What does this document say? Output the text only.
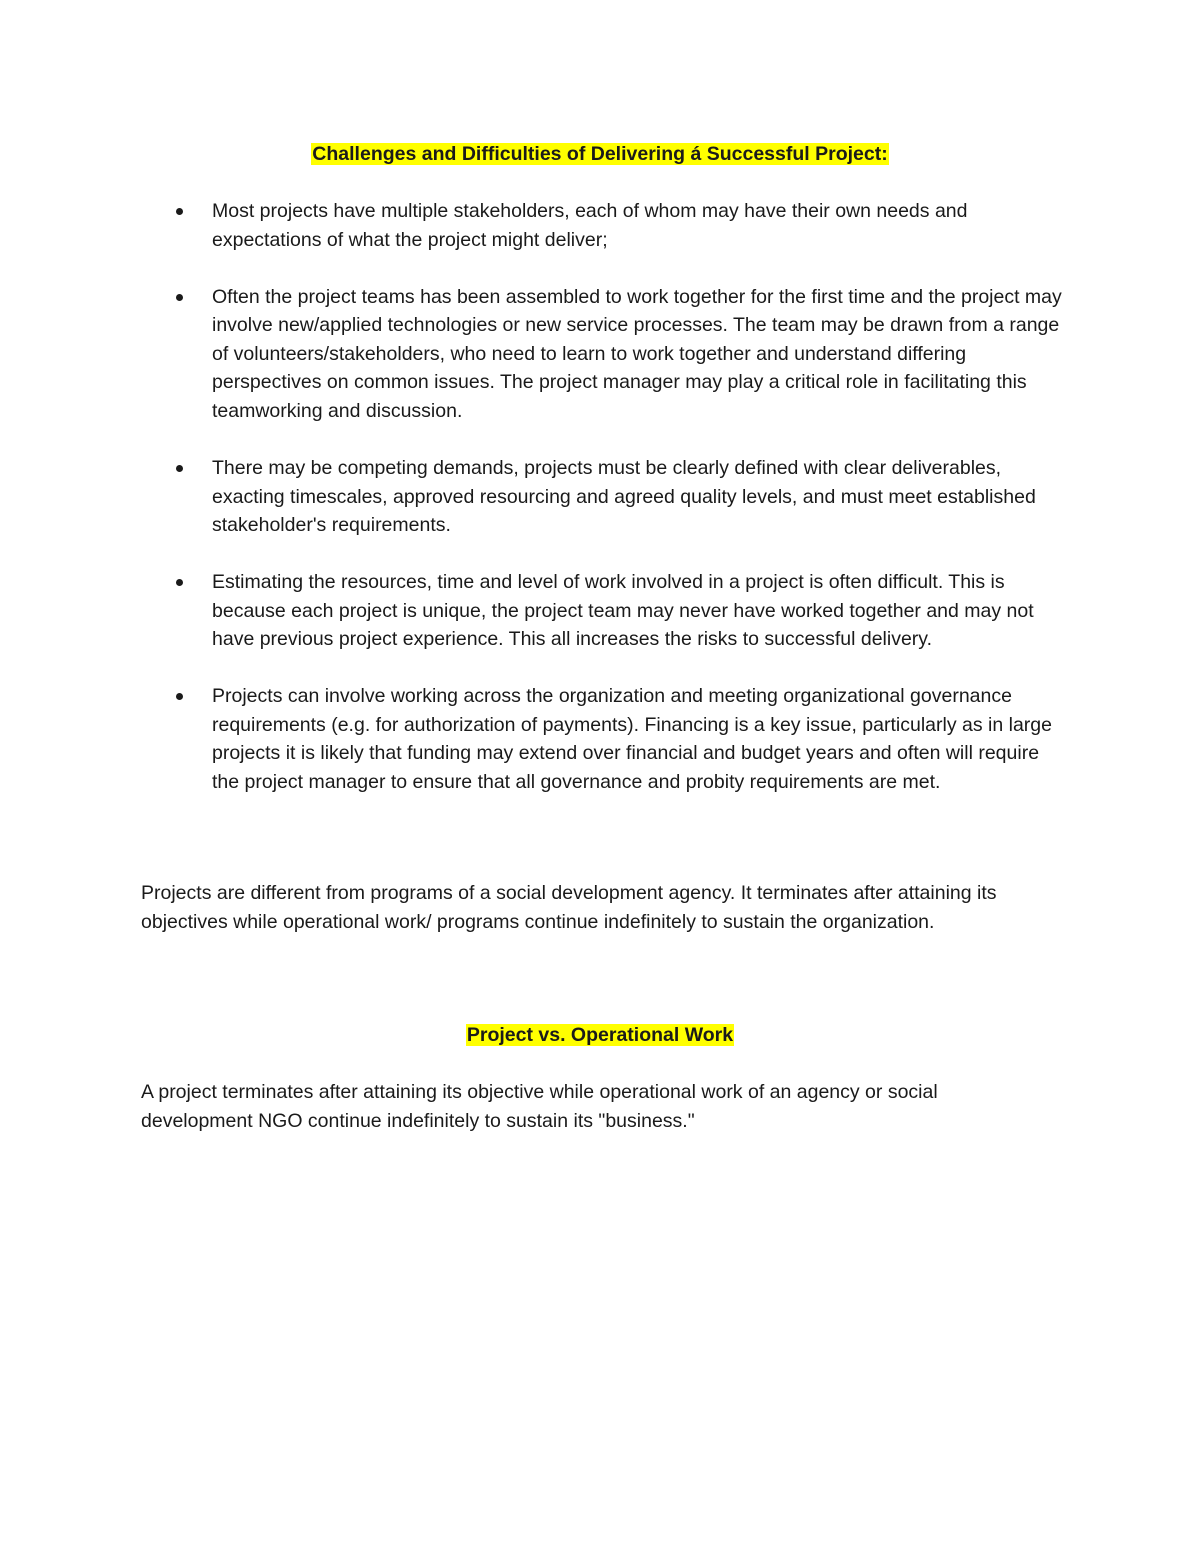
Challenges and Difficulties of Delivering á Successful Project:
Most projects have multiple stakeholders, each of whom may have their own needs and expectations of what the project might deliver;
Often the project teams has been assembled to work together for the first time and the project may involve new/applied technologies or new service processes. The team may be drawn from a range of volunteers/stakeholders, who need to learn to work together and understand differing perspectives on common issues. The project manager may play a critical role in facilitating this teamworking and discussion.
There may be competing demands, projects must be clearly defined with clear deliverables, exacting timescales, approved resourcing and agreed quality levels, and must meet established stakeholder's requirements.
Estimating the resources, time and level of work involved in a project is often difficult. This is because each project is unique, the project team may never have worked together and may not have previous project experience. This all increases the risks to successful delivery.
Projects can involve working across the organization and meeting organizational governance requirements (e.g. for authorization of payments). Financing is a key issue, particularly as in large projects it is likely that funding may extend over financial and budget years and often will require the project manager to ensure that all governance and probity requirements are met.

Projects are different from programs of a social development agency. It terminates after attaining its objectives while operational work/ programs continue indefinitely to sustain the organization.

Project vs. Operational Work

A project terminates after attaining its objective while operational work of an agency or social development NGO continue indefinitely to sustain its "business."
